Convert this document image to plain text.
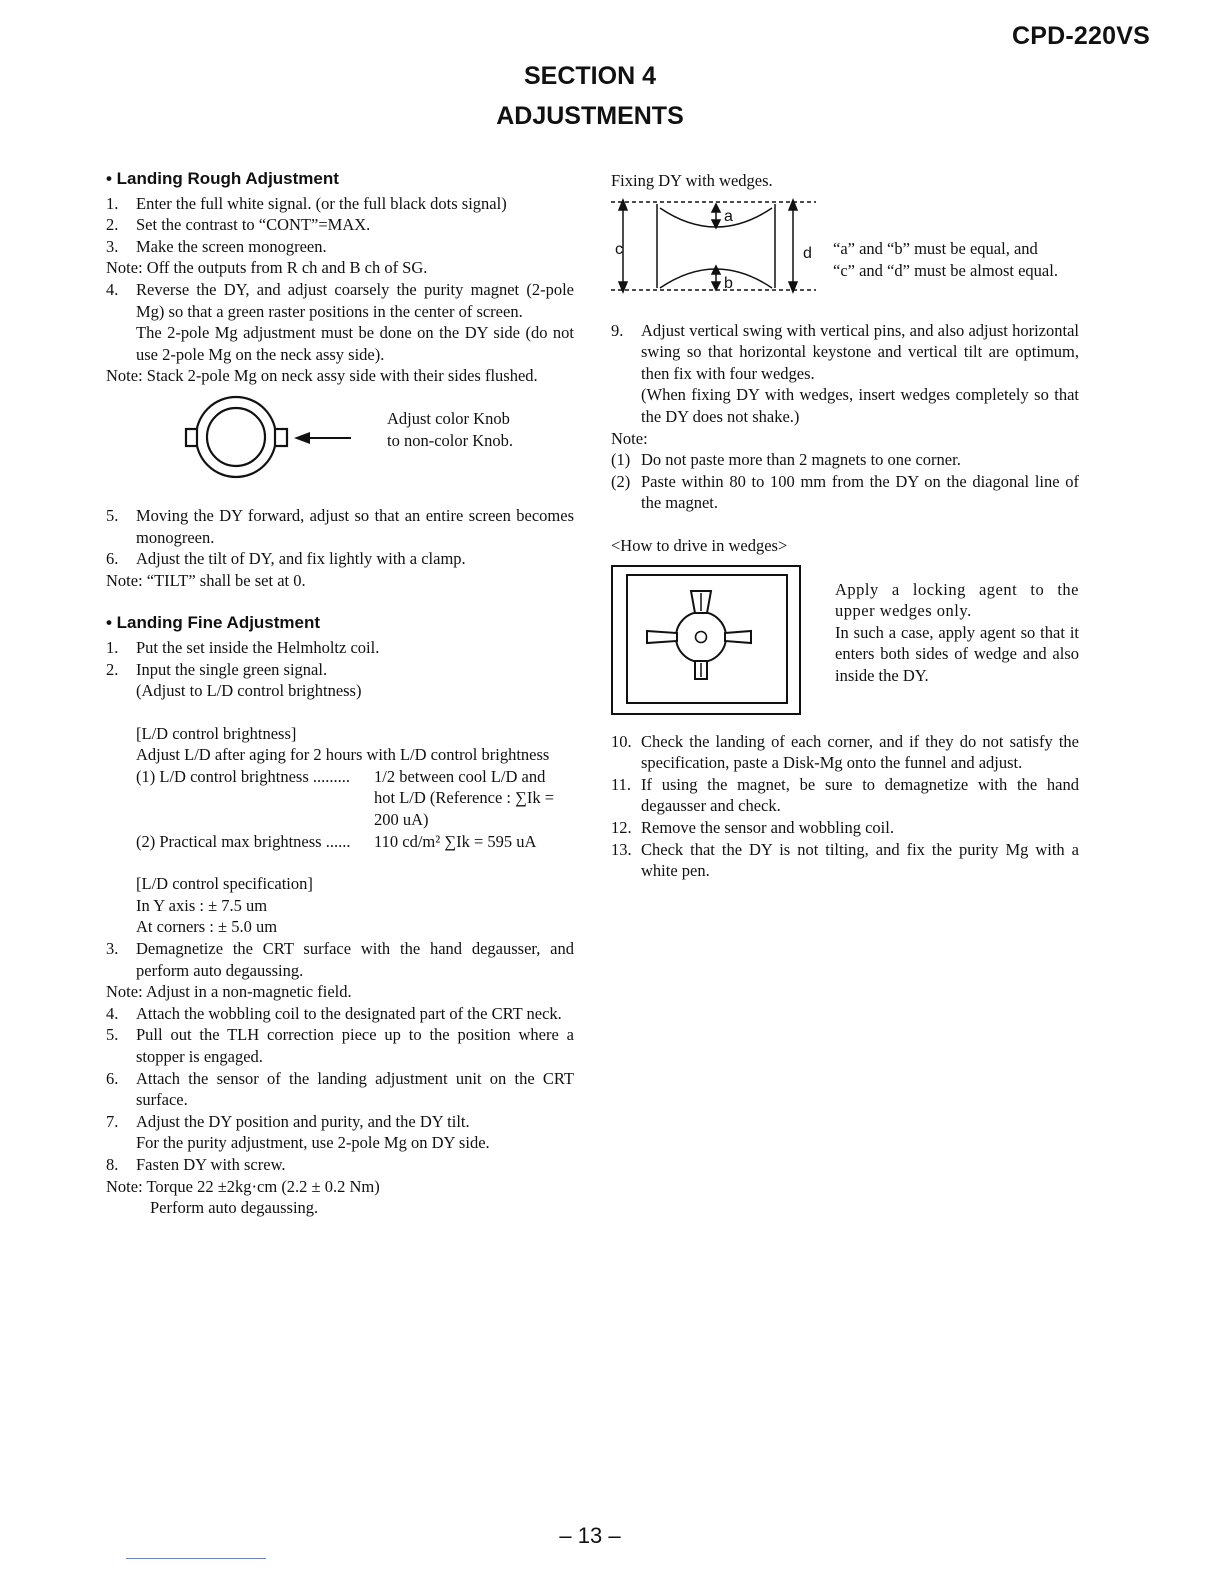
CPD-220VS
SECTION 4
ADJUSTMENTS
• Landing Rough Adjustment
1.	Enter the full white signal. (or the full black dots signal)
2.	Set the contrast to “CONT”=MAX.
3.	Make the screen monogreen.
Note: Off the outputs from R ch and B ch of SG.
4.	Reverse the DY, and adjust coarsely the purity magnet (2-pole Mg) so that a green raster positions in the center of screen.
The 2-pole Mg adjustment must be done on the DY side (do not use 2-pole Mg on the neck assy side).
Note: Stack 2-pole Mg on neck assy side with their sides flushed.
Adjust color Knob
to non-color Knob.
5.	Moving the DY forward, adjust so that an entire screen becomes monogreen.
6.	Adjust the tilt of DY, and fix lightly with a clamp.
Note: “TILT” shall be set at 0.
• Landing Fine Adjustment
1.	Put the set inside the Helmholtz coil.
2.	Input the single green signal.
(Adjust to L/D control brightness)
[L/D control brightness]
Adjust L/D after aging for 2 hours with L/D control brightness
(1) L/D control brightness .........	1/2 between cool L/D and
hot L/D (Reference : ∑Ik =
200 uA)
(2) Practical max brightness ......	110 cd/m² ∑Ik = 595 uA
[L/D control specification]
In Y axis : ± 7.5 um
At corners : ± 5.0 um
3.	Demagnetize the CRT surface with the hand degausser, and perform auto degaussing.
Note: Adjust in a non-magnetic field.
4.	Attach the wobbling coil to the designated part of the CRT neck.
5.	Pull out the TLH correction piece up to the position where a stopper is engaged.
6.	Attach the sensor of the landing adjustment unit on the CRT surface.
7.	Adjust the DY position and purity, and the DY tilt.
For the purity adjustment, use 2-pole Mg on DY side.
8.	Fasten DY with screw.
Note: Torque 22 ±2kg·cm (2.2 ± 0.2 Nm)
Perform auto degaussing.
Fixing DY with wedges.
a
b
c	d “a” and “b” must be equal, and
“c” and “d” must be almost equal.
9.	Adjust vertical swing with vertical pins, and also adjust horizontal swing so that horizontal keystone and vertical tilt are optimum, then fix with four wedges.
(When fixing DY with wedges, insert wedges completely so that the DY does not shake.)
Note:
(1) Do not paste more than 2 magnets to one corner.
(2) Paste within 80 to 100 mm from the DY on the diagonal line of the magnet.
<How to drive in wedges>
Apply a locking agent to the upper wedges only.
In such a case, apply agent so that it enters both sides of wedge and also inside the DY.
10. Check the landing of each corner, and if they do not satisfy the specification, paste a Disk-Mg onto the funnel and adjust.
11. If using the magnet, be sure to demagnetize with the hand degausser and check.
12. Remove the sensor and wobbling coil.
13. Check that the DY is not tilting, and fix the purity Mg with a white pen.
– 13 –
